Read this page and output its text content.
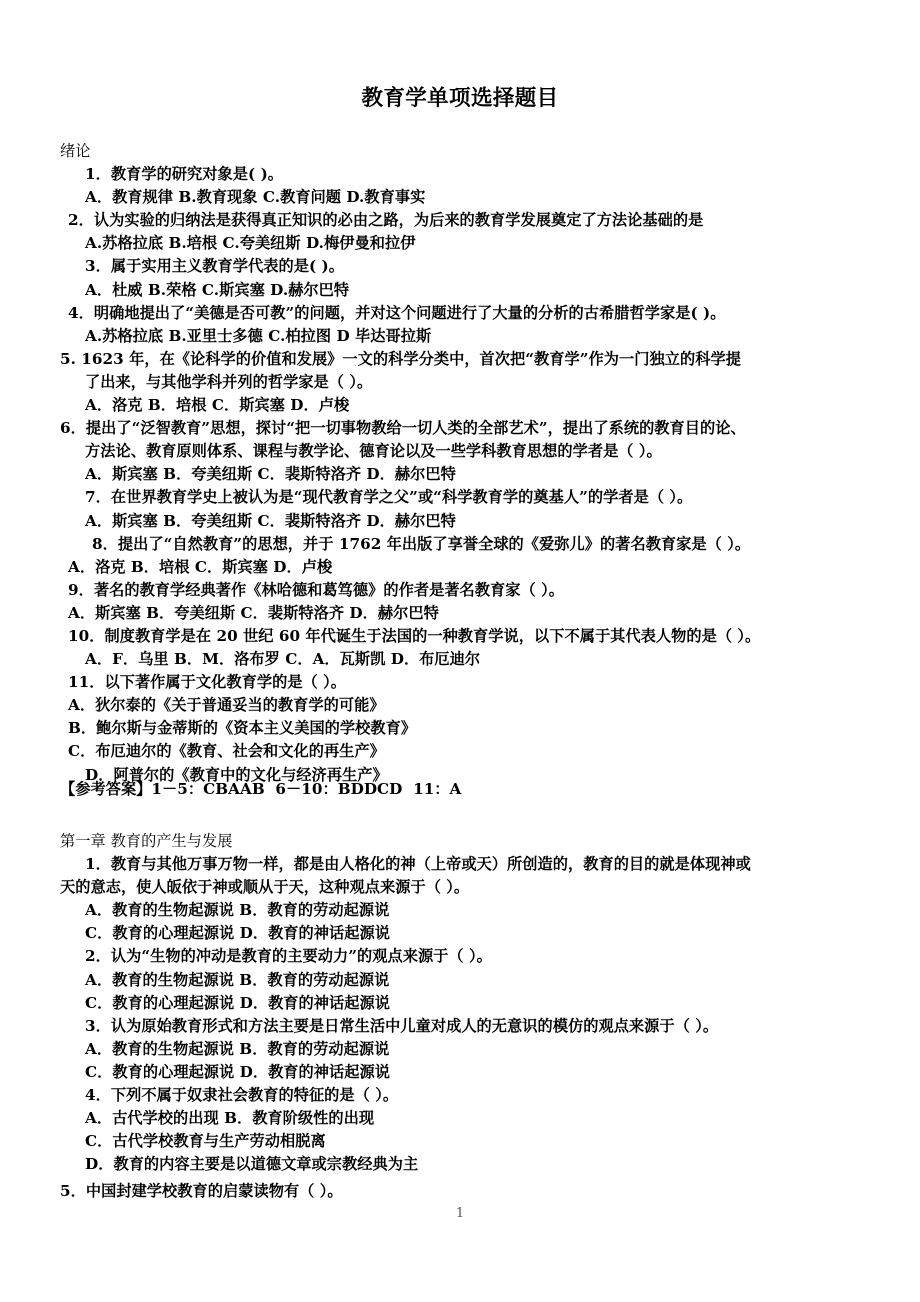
教育学单项选择题目
绪论
1．教育学的研究对象是( )。
A．教育规律 B.教育现象 C.教育问题 D.教育事实
2．认为实验的归纳法是获得真正知识的必由之路，为后来的教育学发展奠定了方法论基础的是
A.苏格拉底 B.培根 C.夸美纽斯 D.梅伊曼和拉伊
3．属于实用主义教育学代表的是( )。
A．杜威 B.荣格 C.斯宾塞 D.赫尔巴特
4．明确地提出了“美德是否可教”的问题，并对这个问题进行了大量的分析的古希腊哲学家是( )。
A.苏格拉底 B.亚里士多德 C.柏拉图 D 毕达哥拉斯
5. 1623 年，在《论科学的价值和发展》一文的科学分类中，首次把“教育学”作为一门独立的科学提
了出来，与其他学科并列的哲学家是（ ）。
A．洛克 B．培根 C．斯宾塞 D．卢梭
6．提出了“泛智教育”思想，探讨“把一切事物教给一切人类的全部艺术”，提出了系统的教育目的论、
方法论、教育原则体系、课程与教学论、德育论以及一些学科教育思想的学者是（ ）。
A．斯宾塞 B．夸美纽斯 C．裴斯特洛齐 D．赫尔巴特
7．在世界教育学史上被认为是“现代教育学之父”或“科学教育学的奠基人”的学者是（ ）。
A．斯宾塞 B．夸美纽斯 C．裴斯特洛齐 D．赫尔巴特
8．提出了“自然教育”的思想，并于 1762 年出版了享誉全球的《爱弥儿》的著名教育家是（ ）。
A．洛克 B．培根 C．斯宾塞 D．卢梭
9．著名的教育学经典著作《林哈德和葛笃德》的作者是著名教育家（ ）。
A．斯宾塞 B．夸美纽斯 C．裴斯特洛齐 D．赫尔巴特
10．制度教育学是在 20 世纪 60 年代诞生于法国的一种教育学说，以下不属于其代表人物的是（ ）。
A．F．乌里 B．M．洛布罗 C．A．瓦斯凯 D．布厄迪尔
11．以下著作属于文化教育学的是（ ）。
A．狄尔泰的《关于普通妥当的教育学的可能》
B．鲍尔斯与金蒂斯的《资本主义美国的学校教育》
C．布厄迪尔的《教育、社会和文化的再生产》
D．阿普尔的《教育中的文化与经济再生产》
【参考答案】1－5：CBAAB  6－10：BDDCD  11：A
第一章 教育的产生与发展
1．教育与其他万事万物一样，都是由人格化的神（上帝或天）所创造的，教育的目的就是体现神或
天的意志，使人皈依于神或顺从于天，这种观点来源于（ ）。
A．教育的生物起源说 B．教育的劳动起源说
C．教育的心理起源说 D．教育的神话起源说
2．认为“生物的冲动是教育的主要动力”的观点来源于（ ）。
A．教育的生物起源说 B．教育的劳动起源说
C．教育的心理起源说 D．教育的神话起源说
3．认为原始教育形式和方法主要是日常生活中儿童对成人的无意识的模仿的观点来源于（ ）。
A．教育的生物起源说 B．教育的劳动起源说
C．教育的心理起源说 D．教育的神话起源说
4．下列不属于奴隶社会教育的特征的是（ ）。
A．古代学校的出现 B．教育阶级性的出现
C．古代学校教育与生产劳动相脱离
D．教育的内容主要是以道德文章或宗教经典为主
5．中国封建学校教育的启蒙读物有（ ）。
1
